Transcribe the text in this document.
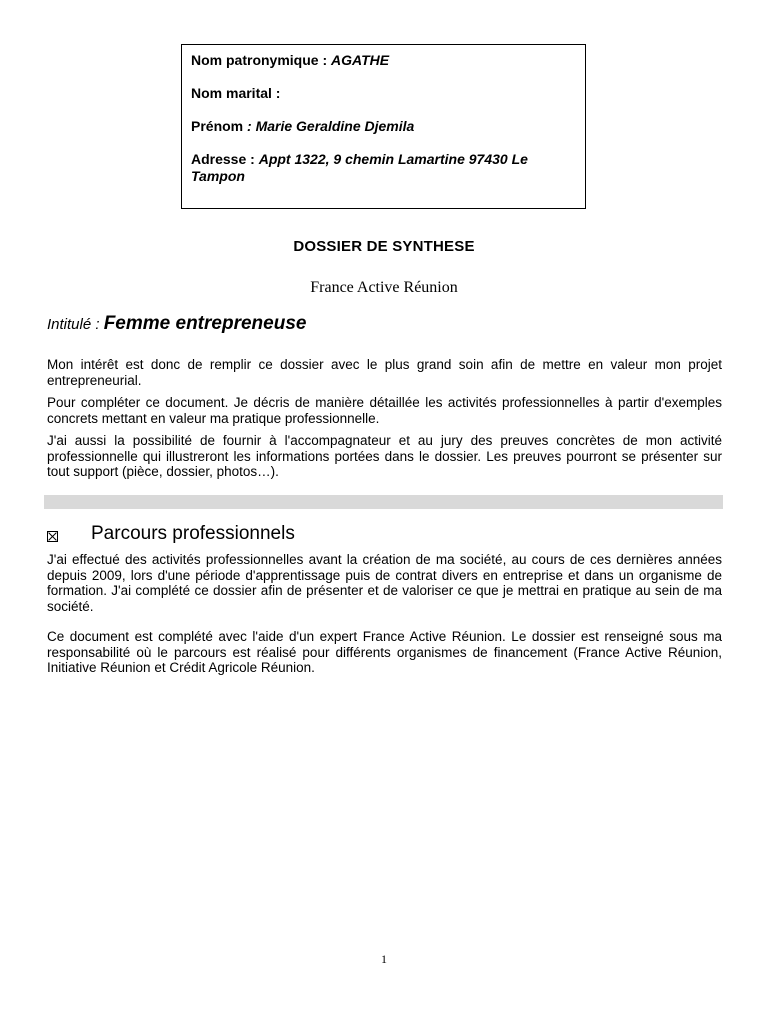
Nom patronymique : AGATHE
Nom marital :
Prénom : Marie Geraldine Djemila
Adresse : Appt 1322, 9 chemin Lamartine 97430 Le Tampon
DOSSIER DE SYNTHESE
France Active Réunion
Intitulé : Femme entrepreneuse

Mon intérêt est donc de remplir ce dossier avec le plus grand soin afin de mettre en valeur mon projet entrepreneurial.

Pour compléter ce document. Je décris de manière détaillée les activités professionnelles à partir d'exemples concrets mettant en valeur ma pratique professionnelle.

J'ai aussi la possibilité de fournir à l'accompagnateur et au jury des preuves concrètes de mon activité professionnelle qui illustreront les informations portées dans le dossier. Les preuves pourront se présenter sur tout support (pièce, dossier, photos…).

Parcours professionnels

J'ai effectué des activités professionnelles avant la création de ma société, au cours de ces dernières années depuis 2009, lors d'une période d'apprentissage puis de contrat divers en entreprise et dans un organisme de formation. J'ai complété ce dossier afin de présenter et de valoriser ce que je mettrai en pratique au sein de ma société.

Ce document est complété avec l'aide d'un expert France Active Réunion. Le dossier est renseigné sous ma responsabilité où le parcours est réalisé pour différents organismes de financement (France Active Réunion, Initiative Réunion et Crédit Agricole Réunion.

1
